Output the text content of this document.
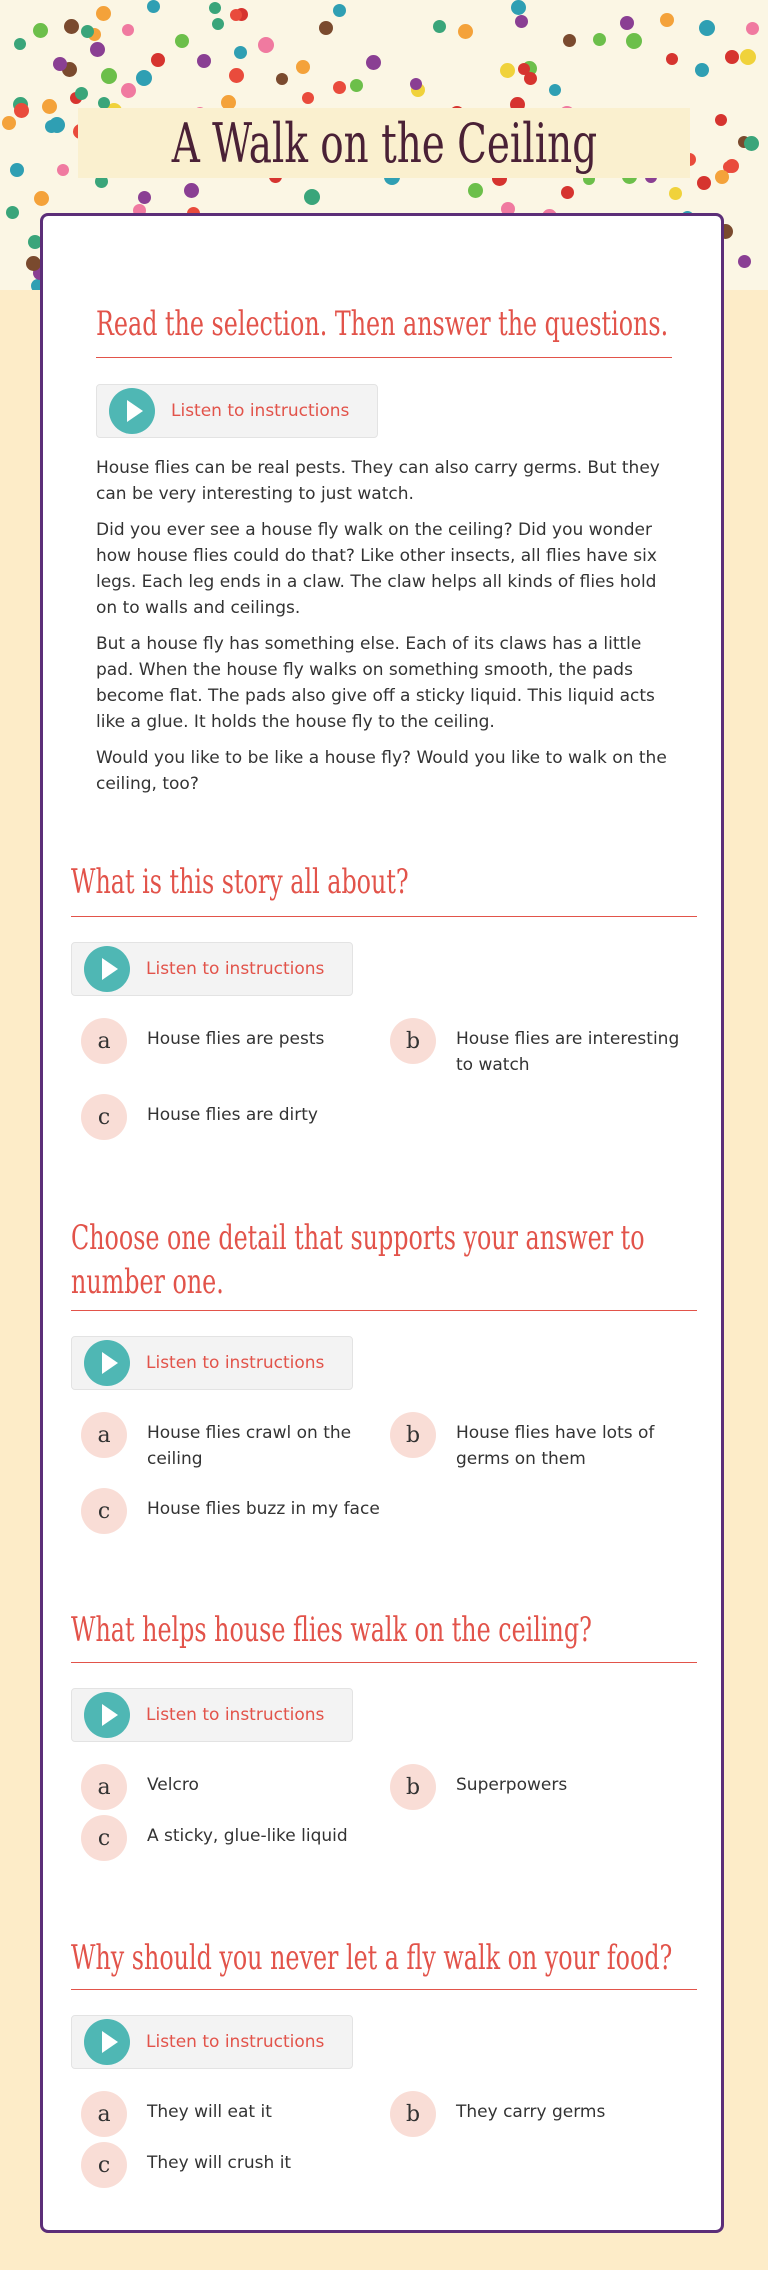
A Walk on the Ceiling
Read the selection. Then answer the questions.
Listen to instructions

House flies can be real pests. They can also carry germs. But they can be very interesting to just watch.

Did you ever see a house fly walk on the ceiling? Did you wonder how house flies could do that? Like other insects, all flies have six legs. Each leg ends in a claw. The claw helps all kinds of flies hold on to walls and ceilings.

But a house fly has something else. Each of its claws has a little pad. When the house fly walks on something smooth, the pads become flat. The pads also give off a sticky liquid. This liquid acts like a glue. It holds the house fly to the ceiling.

Would you like to be like a house fly? Would you like to walk on the ceiling, too?

What is this story all about?
Listen to instructions
a	House flies are pests	b	House flies are interesting to watch
c	House flies are dirty
Choose one detail that supports your answer to number one.
Listen to instructions
a	House flies crawl on the ceiling
b	House flies have lots of germs on them
c	House flies buzz in my face
What helps house flies walk on the ceiling?
Listen to instructions
a	Velcro	b	Superpowers
c	A sticky, glue-like liquid
Why should you never let a fly walk on your food?
Listen to instructions
a	They will eat it	b	They carry germs
c	They will crush it
